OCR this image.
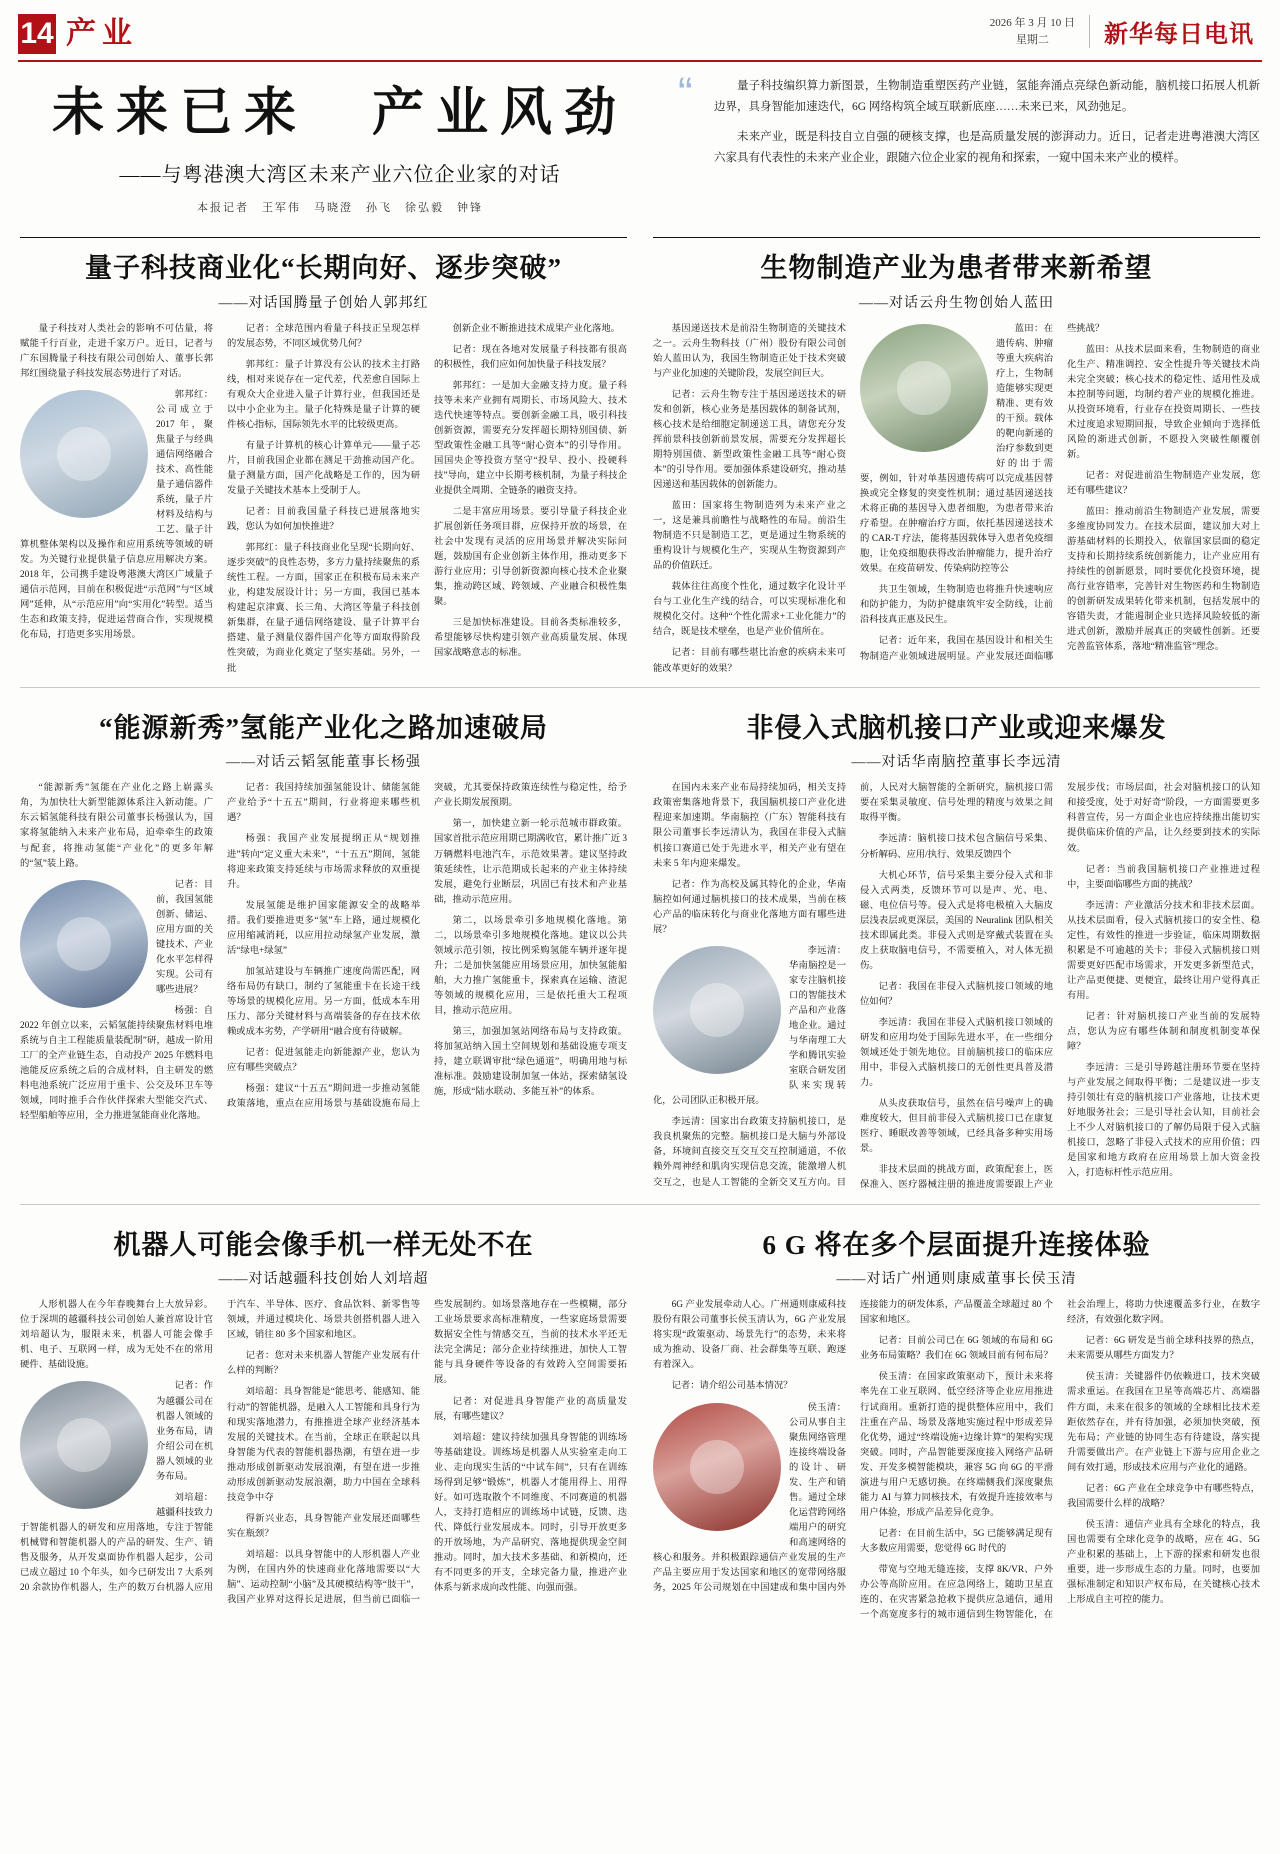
14 产业	2026 年 3 月 10 日
星期二	新华每日电讯
未来已来　产业风劲
——与粤港澳大湾区未来产业六位企业家的对话
本报记者　王军伟　马晓澄　孙飞　徐弘毅　钟锋
“	量子科技编织算力新图景，生物制造重塑医药产业链，氢能奔涌点亮绿色新动能，脑机接口拓展人机新边界，具身智能加速迭代，6G 网络构筑全域互联新底座……未来已来，风劲弛足。

未来产业，既是科技自立自强的硬核支撑，也是高质量发展的澎湃动力。近日，记者走进粤港澳大湾区六家具有代表性的未来产业企业，跟随六位企业家的视角和探索，一窥中国未来产业的模样。

量子科技商业化“长期向好、逐步突破”
——对话国腾量子创始人郭邦红

量子科技对人类社会的影响不可估量，将赋能千行百业，走进千家万户。近日，记者与广东国腾量子科技有限公司创始人、董事长郭邦红围绕量子科技发展态势进行了对话。

郭邦红：公司成立于 2017 年，聚焦量子与经典通信网络融合技术、高性能量子通信器件系统，量子片材料及结构与工艺、量子计算机整体架构以及操作和应用系统等领域的研发。为关键行业提供量子信息应用解决方案。2018 年，公司携手建设粤港澳大湾区广域量子通信示范网，目前在积极促进“示范网”与“区域网”延伸，从“示范应用”向“实用化”转型。适当生态和政策支持，促进运营商合作，实现规模化布局，打造更多实用场景。

记者：全球范围内看量子科技正呈现怎样的发展态势，不同区域优势几何？

郭邦红：量子计算没有公认的技术主打路线，相对来说存在一定代差，代差愈自国际上有观众大企业进入量子计算行业，但我国还是以中小企业为主。量子化特殊是量子计算的硬件核心指标，国际领先水平的比较级更高。

有量子计算机的核心计算单元——量子芯片，目前我国企业都在测足干劲推动国产化。量子测量方面，国产化战略是工作的，因为研发量子关键技术基本上受制于人。

记者：目前我国量子科技已进展落地实践，您认为如何加快推进？

郭邦红：量子科技商业化呈现“长期向好、逐步突破”的良性态势，多方力量持续聚焦的系统性工程。一方面，国家正在积极布局未来产业，构建发展设计计；另一方面，我国已基本构建起京津冀、长三角、大湾区等量子科技创新集群，在量子通信网络建设、量子计算平台搭建、量子测量仪器件国产化等方面取得阶段性突破，为商业化奠定了坚实基础。另外，一批

创新企业不断推进技术成果产业化落地。

记者：现在各地对发展量子科技都有很高的积极性，我们应如何加快量子科技发展？

郭邦红：一是加大金融支持力度。量子科技等未来产业拥有周期长、市场风险大、技术迭代快速等特点。要创新金融工具，吸引科技创新资源，需要充分发挥超长期特别国债、新型政策性金融工具等“耐心资本”的引导作用。国国央企等投资方坚守“投早、投小、投硬科技”导向，建立中长期考核机制，为量子科技企业提供全周期、全链条的融资支持。

二是丰富应用场景。要引导量子科技企业扩展创新任务项目群，应保持开放的场景，在社会中发现有灵活的应用场景并解决实际问题，鼓励国有企业创新主体作用，推动更多下游行业应用；引导创新资源向核心技术企业聚集，推动跨区域、跨领域、产业融合积极性集聚。

三是加快标准建设。目前各类标准较多，希望能够尽快构建引领产业高质量发展、体现国家战略意志的标准。

生物制造产业为患者带来新希望
——对话云舟生物创始人蓝田

基因递送技术是前沿生物制造的关键技术之一。云舟生物科技（广州）股份有限公司创始人蓝田认为，我国生物制造正处于技术突破与产业化加速的关键阶段，发展空间巨大。

记者：云舟生物专注于基因递送技术的研发和创新，核心业务是基因载体的制备试剂，核心技术是给细胞定制递送工具，请您充分发挥前景科技创新前景发展，需要充分发挥超长期特别国债、新型政策性金融工具等“耐心资本”的引导作用。要加强体系建设研究，推动基因递送和基因载体的创新能力。

蓝田：国家将生物制造列为未来产业之一，这是兼具前瞻性与战略性的布局。前沿生物制造不只是制造工艺，更是通过生物系统的重构设计与规模化生产，实现从生物资源到产品的价值跃迁。

载体往往高度个性化，通过数字化设计平台与工业化生产线的结合，可以实现标准化和规模化交付。这种“个性化需求+工业化能力”的结合，既是技术壁垒，也是产业价值所在。

记者：目前有哪些堪比治愈的疾病未来可能改革更好的效果？

蓝田：在遗传病、肿瘤等重大疾病治疗上，生物制造能够实现更精准、更有效的干预。载体的靶向新递的治疗参数到更好的出于需要，例如，针对单基因遗传病可以完成基因替换或完全修复的突变性机制；通过基因递送技术将正确的基因导入患者细胞，为患者带来治疗希望。在肿瘤治疗方面，依托基因递送技术的 CAR-T 疗法，能将基因载体导入患者免疫细胞，让免疫细胞获得改治肿瘤能力，提升治疗效果。在疫苗研发、传染病防控等公

共卫生领域，生物制造也将推升快速响应和防护能力，为防护健康筑牢安全防线，让前沿科技真正惠及民生。

记者：近年来，我国在基因设计和相关生物制造产业领域进展明显。产业发展还面临哪些挑战？

蓝田：从技术层面来看，生物制造的商业化生产、精准调控、安全性提升等关键技术尚未完全突破；核心技术的稳定性、适用性及成本控制等问题，均制约着产业的规模化推进。从投资环境看，行业存在投资周期长、一些技术过度追求短期回报，导致企业倾向于选择低风险的渐进式创新，不愿投入突破性颠覆创新。

记者：对促进前沿生物制造产业发展，您还有哪些建议？

蓝田：推动前沿生物制造产业发展，需要多维度协同发力。在技术层面，建议加大对上游基础材料的长期投入，依靠国家层面的稳定支持和长期持续系统创新能力，让产业应用有持续性的创新愿景，同时要优化投资环境，提高行业容错率，完善针对生物医药和生物制造的创新研发成果转化带来机制，包括发展中的容错失责，才能遏制企业只选择风险较低的渐进式创新，激励并展真正的突破性创新。还要完善监管体系，落地“精准监管”理念。

“能源新秀”氢能产业化之路加速破局
——对话云韬氢能董事长杨强

“能源新秀”氢能在产业化之路上崭露头角，为加快壮大新型能源体系注入新动能。广东云韬氢能科技有限公司董事长杨强认为，国家将氢能纳入未来产业布局，迫牵牵生的政策与配套，将推动氢能“产业化”的更多年解的“氢”装上路。

记者：目前，我国氢能创新、储运、应用方面的关键技术、产业化水平怎样得实现。公司有哪些进展？

杨强：自 2022 年创立以来，云韬氢能持续聚焦材料电堆系统与自主工程能质量装配制”研，越成一阶用工厂的全产业链生态，自动投产 2025 年燃料电池能反应系统之后的合成材料，自主研发的燃料电池系统广泛应用于重卡、公交及环卫车等领域，同时推手合作伙伴探索大型能交汽式、轻型船舶等应用，全力推进氢能商业化落地。

记者：我国持续加强氢能设计、储能氢能产业给予“十五五”期间，行业将迎来哪些机遇？

杨强：我国产业发展提纲正从“规划推进”转向“定义重大未来”，“十五五”期间，氢能将迎来政策支持延续与市场需求释放的双重提升。

发展氢能是维护国家能源安全的战略举措。我们要推进更多“氢”车上路，通过规模化应用缩减消耗，以应用拉动绿氢产业发展，激活“绿电+绿氢”

加氢站建设与车辆推广速度尚需匹配，网络布局仍有缺口，制约了氢能重卡在长途干线等场景的规模化应用。另一方面，低成本车用压力、部分关键材料与高端装备的存在技术依赖或成本劣势，产学研用“融合度有待破解。

记者：促进氢能走向新能源产业，您认为应有哪些突破点？

杨强：建议“十五五”期间进一步推动氢能政策落地，重点在应用场景与基础设施布局上突破，尤其要保持政策连续性与稳定性，给予产业长期发展预期。

第一，加快建立新一轮示范城市群政策。国家首批示范应用期已期满收官，累计推广近 3 万辆燃料电池汽车，示范效果著。建议坚持政策延续性，让示范期成长起来的产业主体持续发展，避免行业断层，巩固已有技术和产业基础，推动示范应用。

第二，以场景牵引多地规模化落地。第二，以场景牵引多地规模化落地。建议以公共领域示范引领，按比例采购氢能车辆并逐年提升；二是加快氢能应用场景应用，加快氢能船舶，大力推广氢能重卡，探索真在运输、渣泥等领域的规模化应用，三是依托重大工程项目，推动示范应用。

第三，加强加氢站网络布局与支持政策。将加氢站纳入国土空间规划和基础设施专项支持，建立联调审批“绿色通道”，明确用地与标准标准。鼓励建设制加氢一体站，探索储氢设施，形成“陆水联动、多能互补”的体系。

非侵入式脑机接口产业或迎来爆发
——对话华南脑控董事长李远清

在国内未来产业布局持续加码，相关支持政策密集落地背景下，我国脑机接口产业化进程迎来加速期。华南脑控（广东）智能科技有限公司董事长李远清认为，我国在非侵入式脑机接口赛道已处于先进水平，相关产业有望在未来 5 年内迎来爆发。

记者：作为高校及属其特化的企业，华南脑控如何通过脑机接口的技术成果，当前在核心产品的临床转化与商业化落地方面有哪些进展？

李远清：华南脑控是一家专注脑机接口的智能技术产品和产业落地企业。通过与华南理工大学和腾讯实验室联合研发团队来实现转化，公司团队正积极开展。

李远清：国家出台政策支持脑机接口，是我良机聚焦的完整。脑机接口是大脑与外部设备，环境间直接交互交互交互控制通道，不依赖外周神经和肌肉实现信息交流，能激增人机交互之，也是人工智能的全新交叉互方向。目前，人民对大脑智能的全新研究，脑机接口需要在采集灵敏度、信号处理的精度与效果之间取得平衡。

李远清：脑机接口技术包含脑信号采集、分析解码、应用/执行、效果反馈四个

大机心环节，信号采集主要分侵入式和非侵入式两类，反馈环节可以是声、光、电、磁、电位信号等。侵入式是将电极植入大脑皮层浅表层或更深层，美国的 Neuralink 团队相关技术即属此类。非侵入式则是穿戴式装置在头皮上获取脑电信号，不需要植入，对人体无损伤。

记者：我国在非侵入式脑机接口领域的地位如何？

李远清：我国在非侵入式脑机接口领域的研发和应用均处于国际先进水平，在一些细分领域还处于领先地位。目前脑机接口的临床应用中，非侵入式脑机接口的无创性更具普及潜力。

从头皮获取信号，虽然在信号噪声上的确难度较大，但目前非侵入式脑机接口已在康复医疗、睡眠改善等领域，已经具备多种实用场景。

非技术层面的挑战方面，政策配套上，医保准入、医疗器械注册的推进度需要跟上产业发展步伐；市场层面，社会对脑机接口的认知和接受度，处于对好奇”阶段，一方面需要更多科普宣传，另一方面企业也应持续推出能切实提供临床价值的产品，让久经要到技术的实际效。

记者：当前我国脑机接口产业推进过程中，主要面临哪些方面的挑战？

李远清：产业激活分技术和非技术层面。从技术层面看，侵入式脑机接口的安全性、稳定性，有效性的推进一步验证，临床周期数据积累是不可逾越的关卡；非侵入式脑机接口则需要更好匹配市场需求，开发更多新型范式，让产品更便捷、更便宜，最终让用户觉得真正有用。

记者：针对脑机接口产业当前的发展特点，您认为应有哪些体制和制度机制变革保障？

李远清：三是引导跨越注册环节要在坚持与产业发展之间取得平衡；二是建议进一步支持引领壮有竞的脑机接口产业落地，让技术更好地服务社会；三是引导社会认知，目前社会上不少人对脑机接口的了解仍局限于侵入式脑机接口，忽略了非侵入式技术的应用价值；四是国家和地方政府在应用场景上加大资金投入，打造标杆性示范应用。

机器人可能会像手机一样无处不在
——对话越疆科技创始人刘培超

人形机器人在今年春晚舞台上大放异彩。位于深圳的越疆科技公司创始人兼首席设计官刘培超认为，服限未来，机器人可能会像手机、电子、互联网一样，成为无处不在的常用硬件、基础设施。

记者：作为越疆公司在机器人领域的业务布局，请介绍公司在机器人领域的业务布局。

刘培超：越疆科技致力于智能机器人的研发和应用落地，专注于智能机械臂和智能机器人的产品的研发、生产、销售及服务，从开发桌面协作机器人起步，公司已成立超过 10 个年头，如今已研发出 7 大系列 20 余款协作机器人，生产的数万台机器人应用于汽车、半导体、医疗、食品饮料、新零售等领域，并通过模块化、场景共创搭机器人进入区域，销往 80 多个国家和地区。

记者：您对未来机器人智能产业发展有什么样的判断？

刘培超：具身智能是“能思考、能感知、能行动”的智能机器，是融入人工智能和具身行为和现实落地潜力，有推推进全球产业经济基本发展的关键技术。在当前，全球正在联起以具身智能为代表的智能机器热潮，有望在进一步推动形成创新驱动发展浪潮，有望在进一步推动形成创新驱动发展浪潮，助力中国在全球科技竞争中夺

得新兴业态，具身智能产业发展还面哪些实在瓶颈？

刘培超：以具身智能中的人形机器人产业为例，在国内外的快速商业化落地需要以“大脑”、运动控制“小脑”及其硬模结构等“肢干”，我国产业界对这得长足进展，但当前已面临一些发展制约。如场景落地存在一些模糊，部分工业场景要求高标准精度，一些家庭场景需要数据安全性与情感交互，当前的技术水平还无法完全满足；部分企业持续推进，加快人工智能与具身硬件等设备的有效跨入空间需要拓展。

记者：对促进具身智能产业的高质量发展，有哪些建议？

刘培超：建议持续加强具身智能的训练场等基础建设。训练场是机器人从实验室走向工业、走向现实生活的“中试车间”，只有在训练场得到足够“锻炼”，机器人才能用得上、用得好。如可选取散个不同维度、不同赛道的机器人，支持打造相应的训练场中试链，反馈、迭代、降低行业发展成本。同时，引导开放更多的开放场地，为产品研究、落地提供现金空间推动。同时，加大技术多基础、和新模向，还有不同更多的开支，全球完备力量，推进产业体系与新求成向改性能、向强而强。

6 G 将在多个层面提升连接体验
——对话广州通则康威董事长侯玉清

6G 产业发展牵动人心。广州通则康威科技股份有限公司董事长侯玉清认为，6G 产业发展将实现“政策驱动、场景先行”的态势，未来将成为推动、设备厂商、社会群集等互联、跑逐有着深入。

记者：请介绍公司基本情况？

侯玉清：公司从事自主聚焦网络管理连接终端设备的设计、研发、生产和销售。通过全球化运营跨网络端用户的研究和高速网络的核心和服务。并积极跟踪通信产业发展的生产产品主要应用于发达国家和地区的宽带网络服务，2025 年公司规划在中国建成和集中国内外连接能力的研发体系，产品覆盖全球超过 80 个国家和地区。

记者：目前公司已在 6G 领域的布局和 6G 业务布局策略？我们在 6G 领域目前有何布局？

侯玉清：在国家政策驱动下，预计未来将率先在工业互联网、低空经济等企业应用推进行试商用。重新打造的提供整体应用中，我们注重在产品、场景及落地实施过程中形成差异化优势，通过“终端设施+边缘计算”的架构实现突破。同时，产品智能要深度接入网络产品研发、开发多模智能模块，兼容 5G 向 6G 的平滑演进与用户无感切换。在终端侧我们深度聚焦能力 AI 与算力同核技术，有效提升连接效率与用户体验，形成产品差异化竞争。

记者：在目前生活中，5G 已能够满足现有大多数应用需要，您觉得 6G 时代的

带宽与空地无缝连接，支撑 8K/VR、户外办公等高阶应用。在应急网络上，随助卫星直连的、在灾害紧急抢救下提供应急通信，通用一个高宽度多行的城市通信到生物智能化，在社会治理上，将助力快速覆盖多行业，在数字经济，有效强化数字网。

记者：6G 研发是当前全球科技界的热点，未来需要从哪些方面发力？

侯玉清：关键器件仍依赖进口，技术突破需求重运。在我国在卫星等高端芯片、高端器件方面，未来在很多的领域的全球相比技术差距依然存在，并有待加强，必须加快突破，预先布局；产业链的协同生态有待建设，落实提升需要做出产。在产业链上下游与应用企业之间有效打通，形成技术应用与产业化的通路。

记者：6G 产业在全球竞争中有哪些特点，我国需要什么样的战略？

侯玉清：通信产业具有全球化的特点，我国也需要有全球化竞争的战略，应在 4G、5G 产业积累的基础上，上下游的探索和研发也很重要，进一步形成生态的力量。同时，也要加强标准制定和知识产权布局，在关键核心技术上形成自主可控的能力。
